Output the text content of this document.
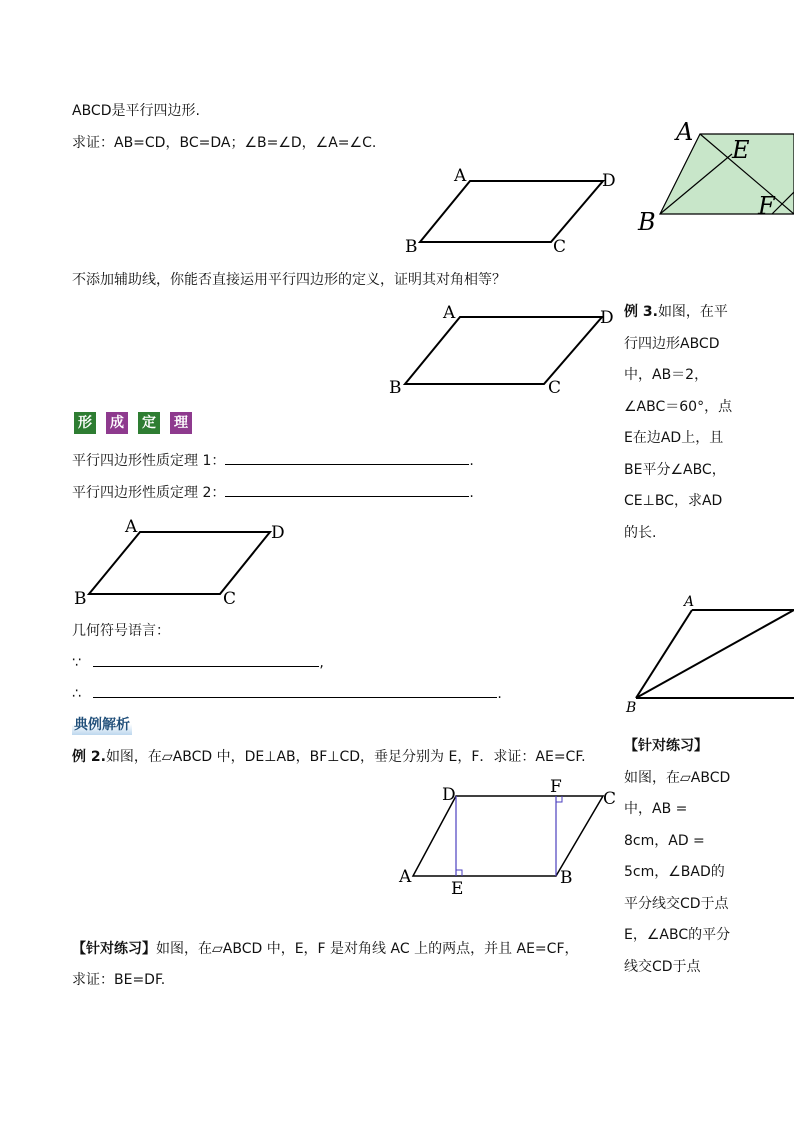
ABCD是平行四边形.
求证：AB=CD，BC=DA；∠B=∠D，∠A=∠C.
A	D
B	C
不添加辅助线，你能否直接运用平行四边形的定义，证明其对角相等？
A	D
B	C
形 成 定 理
平行四边形性质定理 1：	.
平行四边形性质定理 2：	.
A	D
B	C
几何符号语言：
∵	,
∴	.
典例解析
例 2.如图，在▱ABCD 中，DE⊥AB，BF⊥CD，垂足分别为 E，F．求证：AE=CF.
D	F
C
A
E
B
【针对练习】如图，在▱ABCD 中，E，F 是对角线 AC 上的两点，并且 AE=CF，
求证：BE=DF.
A
E
B
F
例 3.如图，在平行四边形ABCD中，AB＝2，∠ABC＝60°，点E在边AD上，且BE平分∠ABC，CE⊥BC，求AD的长.
A
B
【针对练习】
如图，在▱ABCD中，AB = 8cm，AD = 5cm，∠BAD的平分线交CD于点E，∠ABC的平分线交CD于点
